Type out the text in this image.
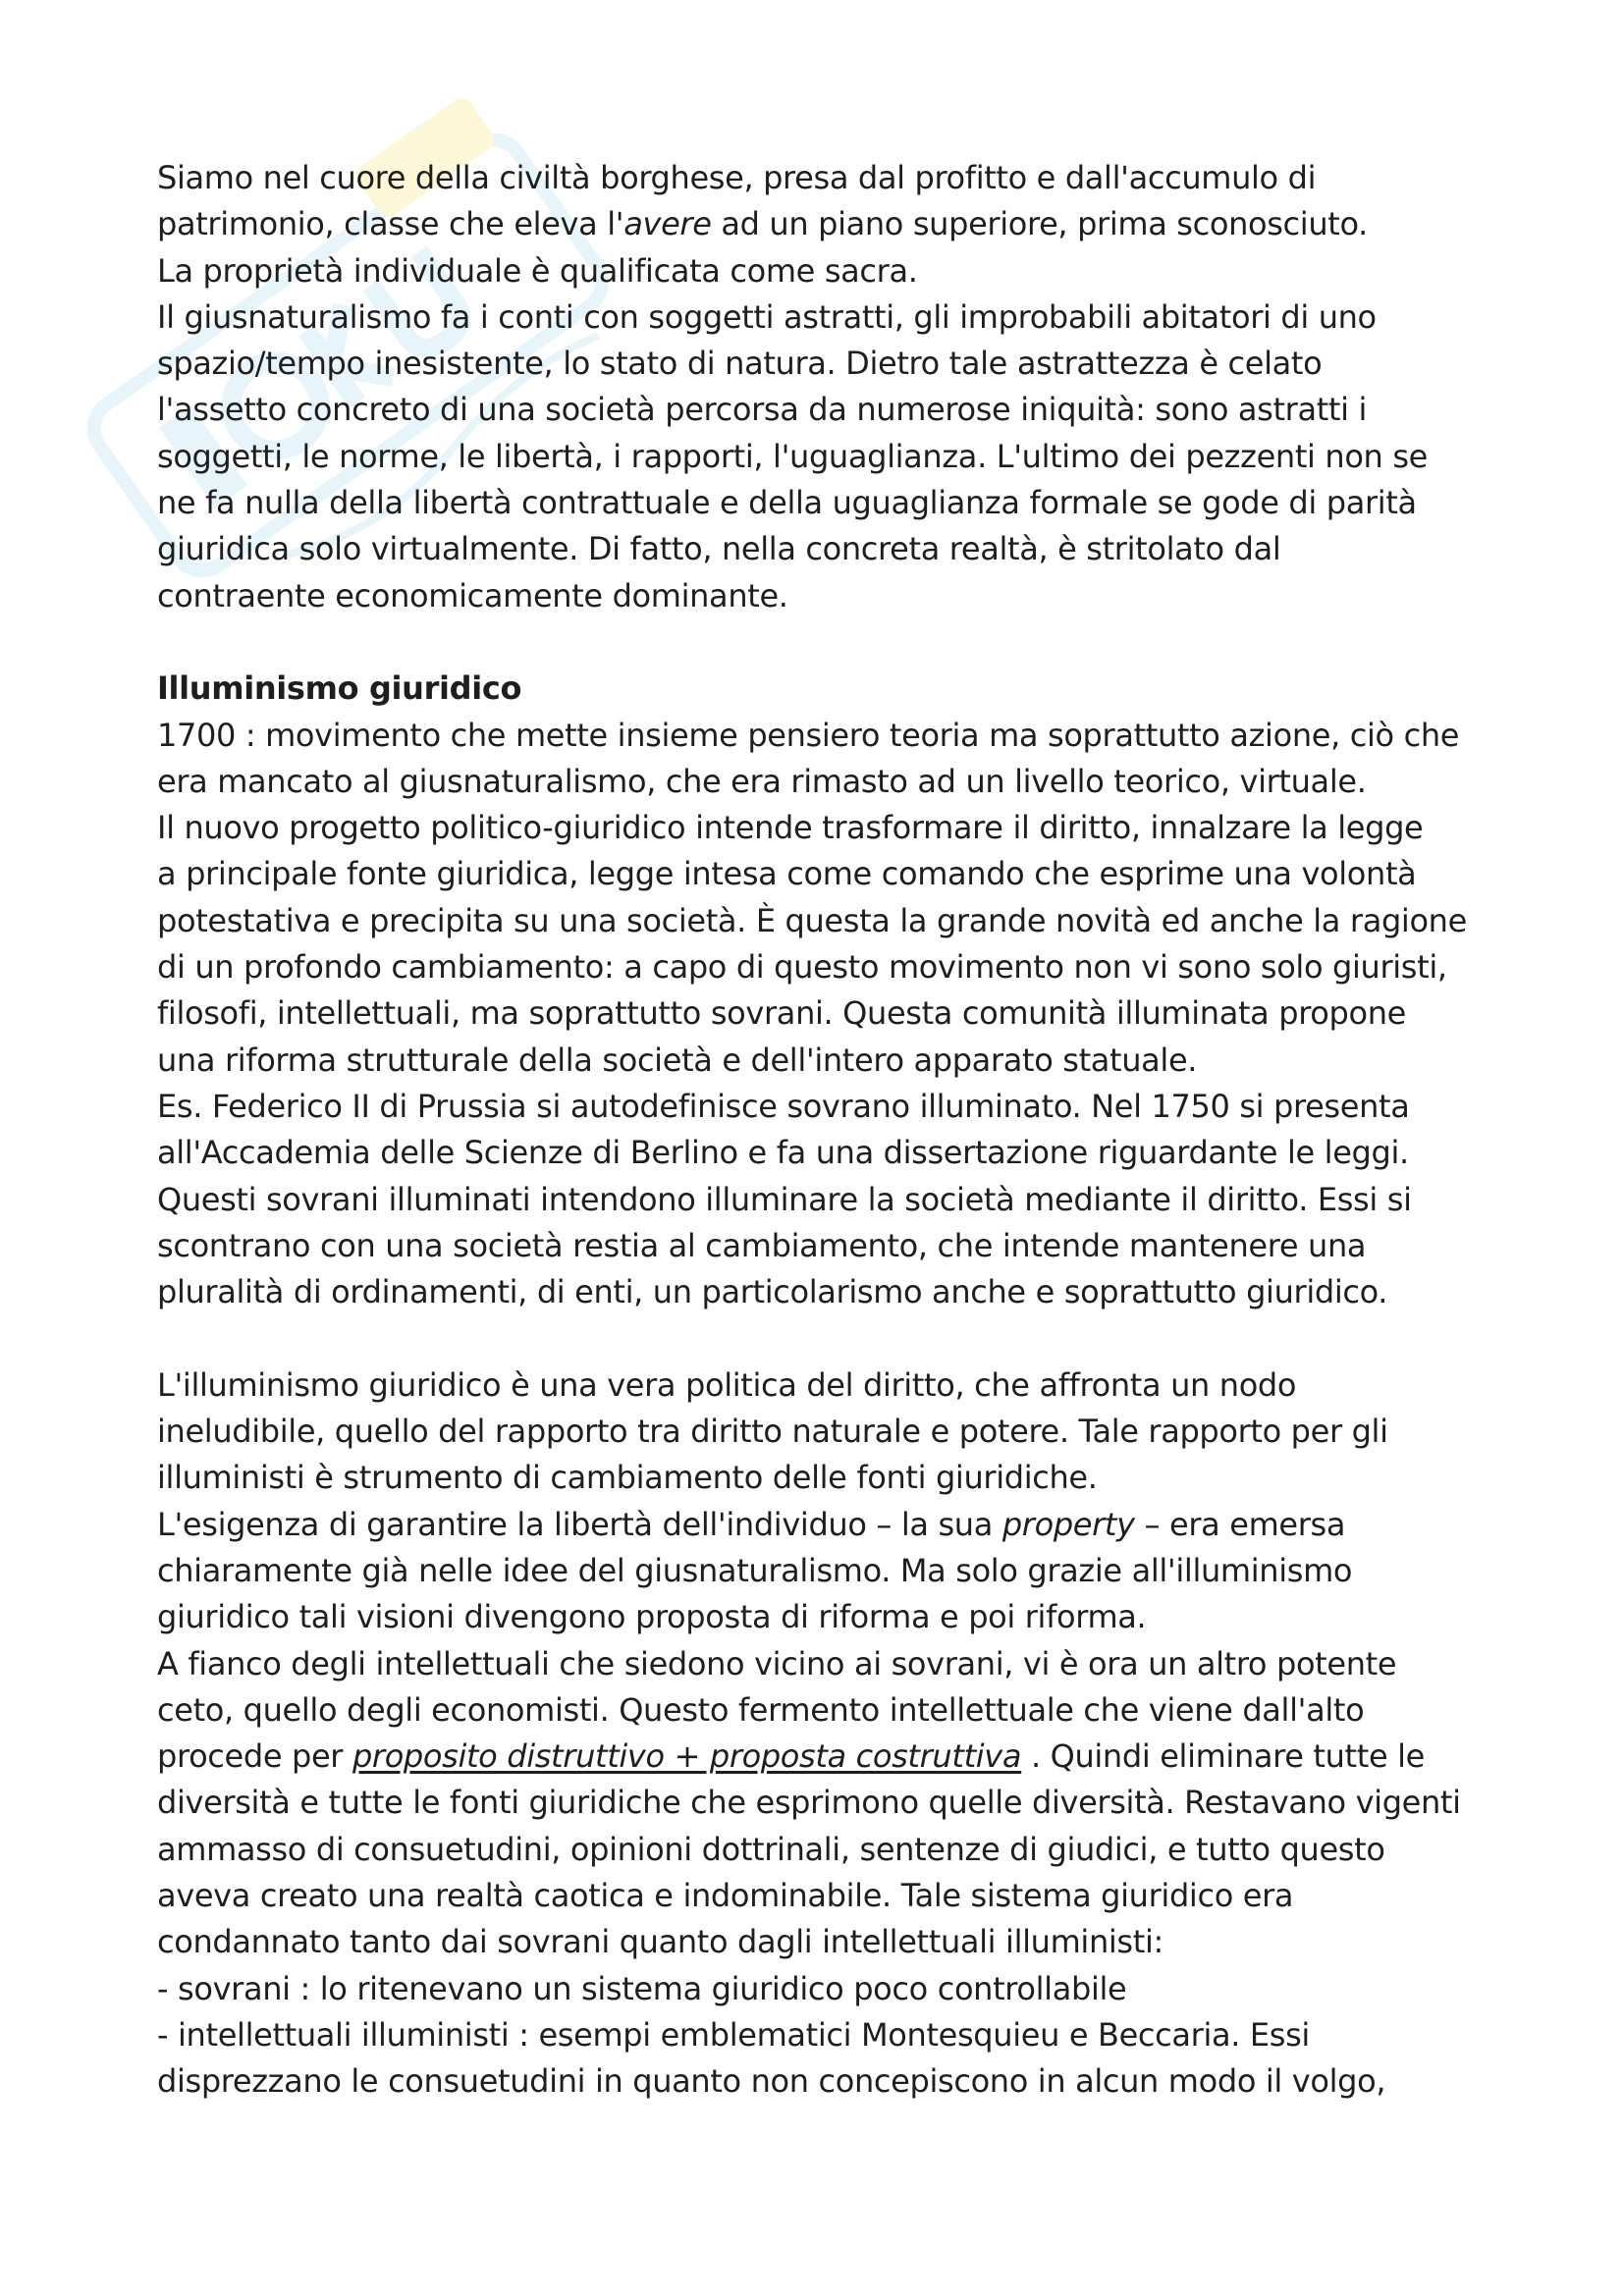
Siamo nel cuore della civiltà borghese, presa dal profitto e dall'accumulo di

patrimonio, classe che eleva l'avere ad un piano superiore, prima sconosciuto.

La proprietà individuale è qualificata come sacra.

Il giusnaturalismo fa i conti con soggetti astratti, gli improbabili abitatori di uno

spazio/tempo inesistente, lo stato di natura. Dietro tale astrattezza è celato

l'assetto concreto di una società percorsa da numerose iniquità: sono astratti i

soggetti, le norme, le libertà, i rapporti, l'uguaglianza. L'ultimo dei pezzenti non se

ne fa nulla della libertà contrattuale e della uguaglianza formale se gode di parità

giuridica solo virtualmente. Di fatto, nella concreta realtà, è stritolato dal

contraente economicamente dominante.

Illuminismo giuridico

1700 : movimento che mette insieme pensiero teoria ma soprattutto azione, ciò che

era mancato al giusnaturalismo, che era rimasto ad un livello teorico, virtuale.

Il nuovo progetto politico-giuridico intende trasformare il diritto, innalzare la legge

a principale fonte giuridica, legge intesa come comando che esprime una volontà

potestativa e precipita su una società. È questa la grande novità ed anche la ragione

di un profondo cambiamento: a capo di questo movimento non vi sono solo giuristi,

filosofi, intellettuali, ma soprattutto sovrani. Questa comunità illuminata propone

una riforma strutturale della società e dell'intero apparato statuale.

Es. Federico II di Prussia si autodefinisce sovrano illuminato. Nel 1750 si presenta

all'Accademia delle Scienze di Berlino e fa una dissertazione riguardante le leggi.

Questi sovrani illuminati intendono illuminare la società mediante il diritto. Essi si

scontrano con una società restia al cambiamento, che intende mantenere una

pluralità di ordinamenti, di enti, un particolarismo anche e soprattutto giuridico.

L'illuminismo giuridico è una vera politica del diritto, che affronta un nodo

ineludibile, quello del rapporto tra diritto naturale e potere. Tale rapporto per gli

illuministi è strumento di cambiamento delle fonti giuridiche.

L'esigenza di garantire la libertà dell'individuo – la sua property – era emersa

chiaramente già nelle idee del giusnaturalismo. Ma solo grazie all'illuminismo

giuridico tali visioni divengono proposta di riforma e poi riforma.

A fianco degli intellettuali che siedono vicino ai sovrani, vi è ora un altro potente

ceto, quello degli economisti. Questo fermento intellettuale che viene dall'alto

procede per proposito distruttivo + proposta costruttiva . Quindi eliminare tutte le

diversità e tutte le fonti giuridiche che esprimono quelle diversità. Restavano vigenti

ammasso di consuetudini, opinioni dottrinali, sentenze di giudici, e tutto questo

aveva creato una realtà caotica e indominabile. Tale sistema giuridico era

condannato tanto dai sovrani quanto dagli intellettuali illuministi:

- sovrani : lo ritenevano un sistema giuridico poco controllabile

- intellettuali illuministi : esempi emblematici Montesquieu e Beccaria. Essi

disprezzano le consuetudini in quanto non concepiscono in alcun modo il volgo,
